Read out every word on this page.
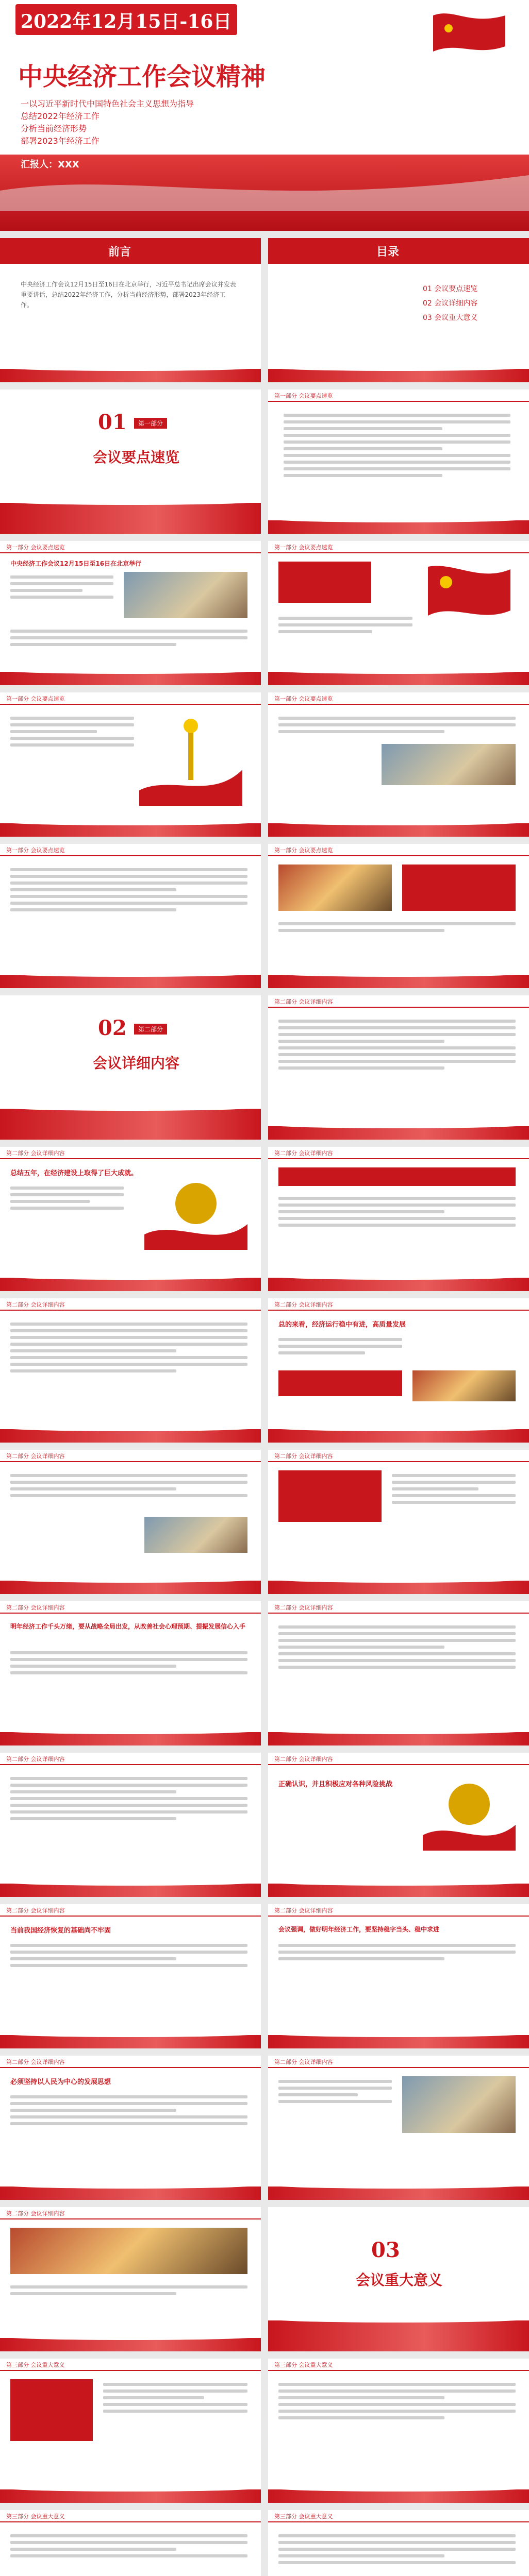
2022年12月15日-16日
中央经济工作会议精神
一以习近平新时代中国特色社会主义思想为指导
总结2022年经济工作
分析当前经济形势
部署2023年经济工作
汇报人：XXX
前言
中央经济工作会议12月15日至16日在北京举行，习近平总书记出席会议并发表重要讲话，总结2022年经济工作，分析当前经济形势，部署2023年经济工作。
目录
01 会议要点速览
02 会议详细内容
03 会议重大意义
01	第一部分
会议要点速览
第一部分 会议要点速览
第一部分 会议要点速览
中央经济工作会议12月15日至16日在北京举行
第一部分 会议要点速览
第一部分 会议要点速览	第一部分 会议要点速览
第一部分 会议要点速览	第一部分 会议要点速览
02	第二部分
会议详细内容
第二部分 会议详细内容
第二部分 会议详细内容
总结五年，在经济建设上取得了巨大成就。
第二部分 会议详细内容
第二部分 会议详细内容	第二部分 会议详细内容
总的来看，经济运行稳中有进，高质量发展
第二部分 会议详细内容	第二部分 会议详细内容
第二部分 会议详细内容
明年经济工作千头万绪，要从战略全局出发，从改善社会心理预期、提振发展信心入手
第二部分 会议详细内容
第二部分 会议详细内容	第二部分 会议详细内容
正确认识，并且积极应对各种风险挑战
第二部分 会议详细内容
当前我国经济恢复的基础尚不牢固
第二部分 会议详细内容
会议强调，做好明年经济工作，要坚持稳字当头、稳中求进
第二部分 会议详细内容
必须坚持以人民为中心的发展思想
第二部分 会议详细内容
第二部分 会议详细内容
03
会议重大意义
第三部分 会议重大意义	第三部分 会议重大意义
第三部分 会议重大意义	第三部分 会议重大意义
